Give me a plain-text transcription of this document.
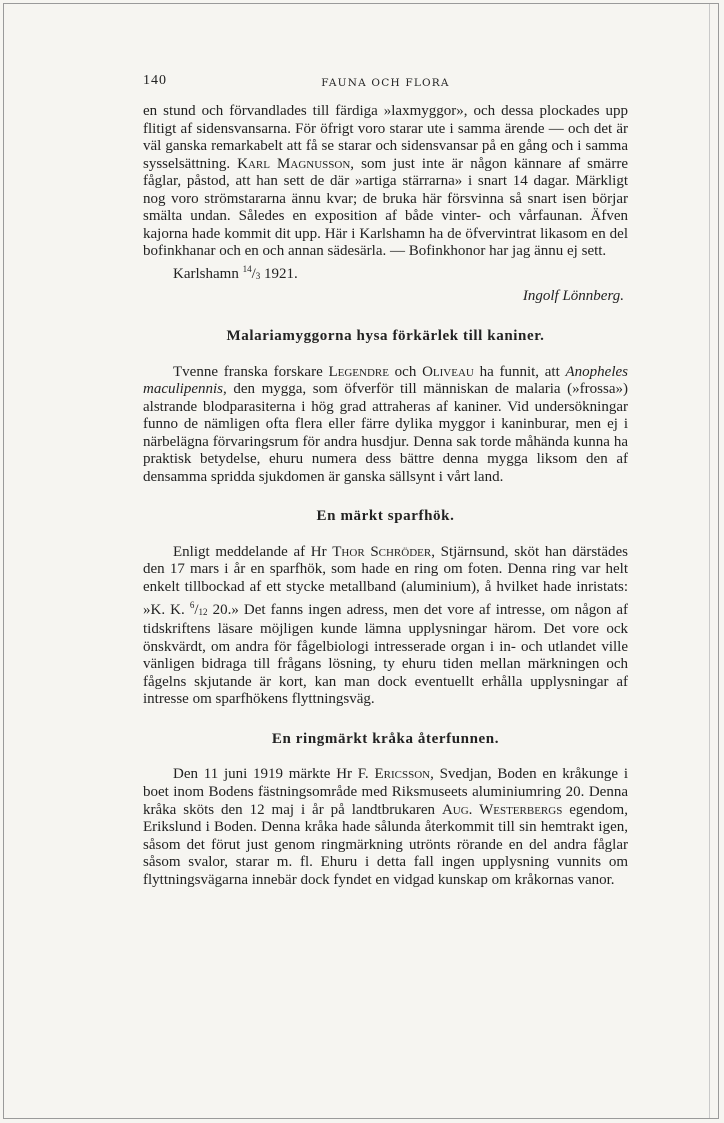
140	FAUNA OCH FLORA

en stund och förvandlades till färdiga »laxmyggor», och dessa plockades upp flitigt af sidensvansarna. För öfrigt voro starar ute i samma ärende — och det är väl ganska remarkabelt att få se starar och sidensvansar på en gång och i samma sysselsättning. Karl Magnusson, som just inte är någon kännare af smärre fåglar, påstod, att han sett de där »artiga stärrarna» i snart 14 dagar. Märkligt nog voro strömstararna ännu kvar; de bruka här försvinna så snart isen börjar smälta undan. Således en exposition af både vinter- och vårfaunan. Äfven kajorna hade kommit dit upp. Här i Karlshamn ha de öfvervintrat likasom en del bofinkhanar och en och annan sädesärla. — Bofinkhonor har jag ännu ej sett.

Karlshamn $^{14}/_3$ 1921.

Ingolf Lönnberg.

Malariamyggorna hysa förkärlek till kaniner.

Tvenne franska forskare Legendre och Oliveau ha funnit, att Anopheles maculipennis, den mygga, som öfverför till människan de malaria (»frossa») alstrande blodparasiterna i hög grad attraheras af kaniner. Vid undersökningar funno de nämligen ofta flera eller färre dylika myggor i kaninburar, men ej i närbelägna förvaringsrum för andra husdjur. Denna sak torde måhända kunna ha praktisk betydelse, ehuru numera dess bättre denna mygga liksom den af densamma spridda sjukdomen är ganska sällsynt i vårt land.

En märkt sparfhök.

Enligt meddelande af Hr Thor Schröder, Stjärnsund, sköt han därstädes den 17 mars i år en sparfhök, som hade en ring om foten. Denna ring var helt enkelt tillbockad af ett stycke metallband (aluminium), å hvilket hade inristats: »K. K. $^6/_{12}$ 20.» Det fanns ingen adress, men det vore af intresse, om någon af tidskriftens läsare möjligen kunde lämna upplysningar härom. Det vore ock önskvärdt, om andra för fågelbiologi intresserade organ i in- och utlandet ville vänligen bidraga till frågans lösning, ty ehuru tiden mellan märkningen och fågelns skjutande är kort, kan man dock eventuellt erhålla upplysningar af intresse om sparfhökens flyttningsväg.

En ringmärkt kråka återfunnen.

Den 11 juni 1919 märkte Hr F. Ericsson, Svedjan, Boden en kråkunge i boet inom Bodens fästningsområde med Riksmuseets aluminiumring 20. Denna kråka sköts den 12 maj i år på landtbrukaren Aug. Westerbergs egendom, Erikslund i Boden. Denna kråka hade sålunda återkommit till sin hemtrakt igen, såsom det förut just genom ringmärkning utrönts rörande en del andra fåglar såsom svalor, starar m. fl. Ehuru i detta fall ingen upplysning vunnits om flyttningsvägarna innebär dock fyndet en vidgad kunskap om kråkornas vanor.
